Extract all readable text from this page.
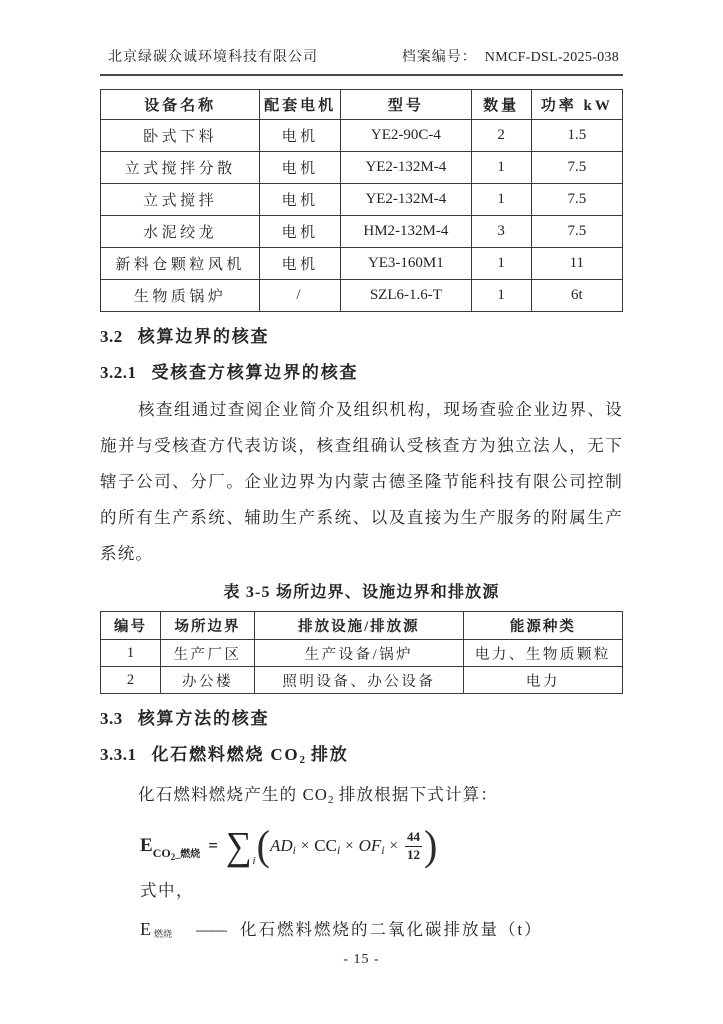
北京绿碳众诚环境科技有限公司	档案编号： NMCF-DSL-2025-038
设备名称	配套电机	型号	数量	功率 kW
卧式下料	电机	YE2-90C-4	2	1.5
立式搅拌分散	电机	YE2-132M-4	1	7.5
立式搅拌	电机	YE2-132M-4	1	7.5
水泥绞龙	电机	HM2-132M-4	3	7.5
新料仓颗粒风机	电机	YE3-160M1	1	11
生物质锅炉	/	SZL6-1.6-T	1	6t
3.2 核算边界的核查
3.2.1 受核查方核算边界的核查
核查组通过查阅企业简介及组织机构，现场查验企业边界、设施并与受核查方代表访谈，核查组确认受核查方为独立法人，无下辖子公司、分厂。企业边界为内蒙古德圣隆节能科技有限公司控制的所有生产系统、辅助生产系统、以及直接为生产服务的附属生产系统。
表 3-5 场所边界、设施边界和排放源
编号	场所边界	排放设施/排放源	能源种类
1	生产厂区	生产设备/锅炉	电力、生物质颗粒
2	办公楼	照明设备、办公设备	电力
3.3 核算方法的核查
3.3.1 化石燃料燃烧 CO2 排放
化石燃料燃烧产生的 CO2 排放根据下式计算：
E $CO_2\_$燃烧 = ∑ i ( AD i × CC i × OF $i \times \frac{44}{12}$ )
式中，
E 燃烧 —— 化石燃料燃烧的二氧化碳排放量（t）
- 15 -
